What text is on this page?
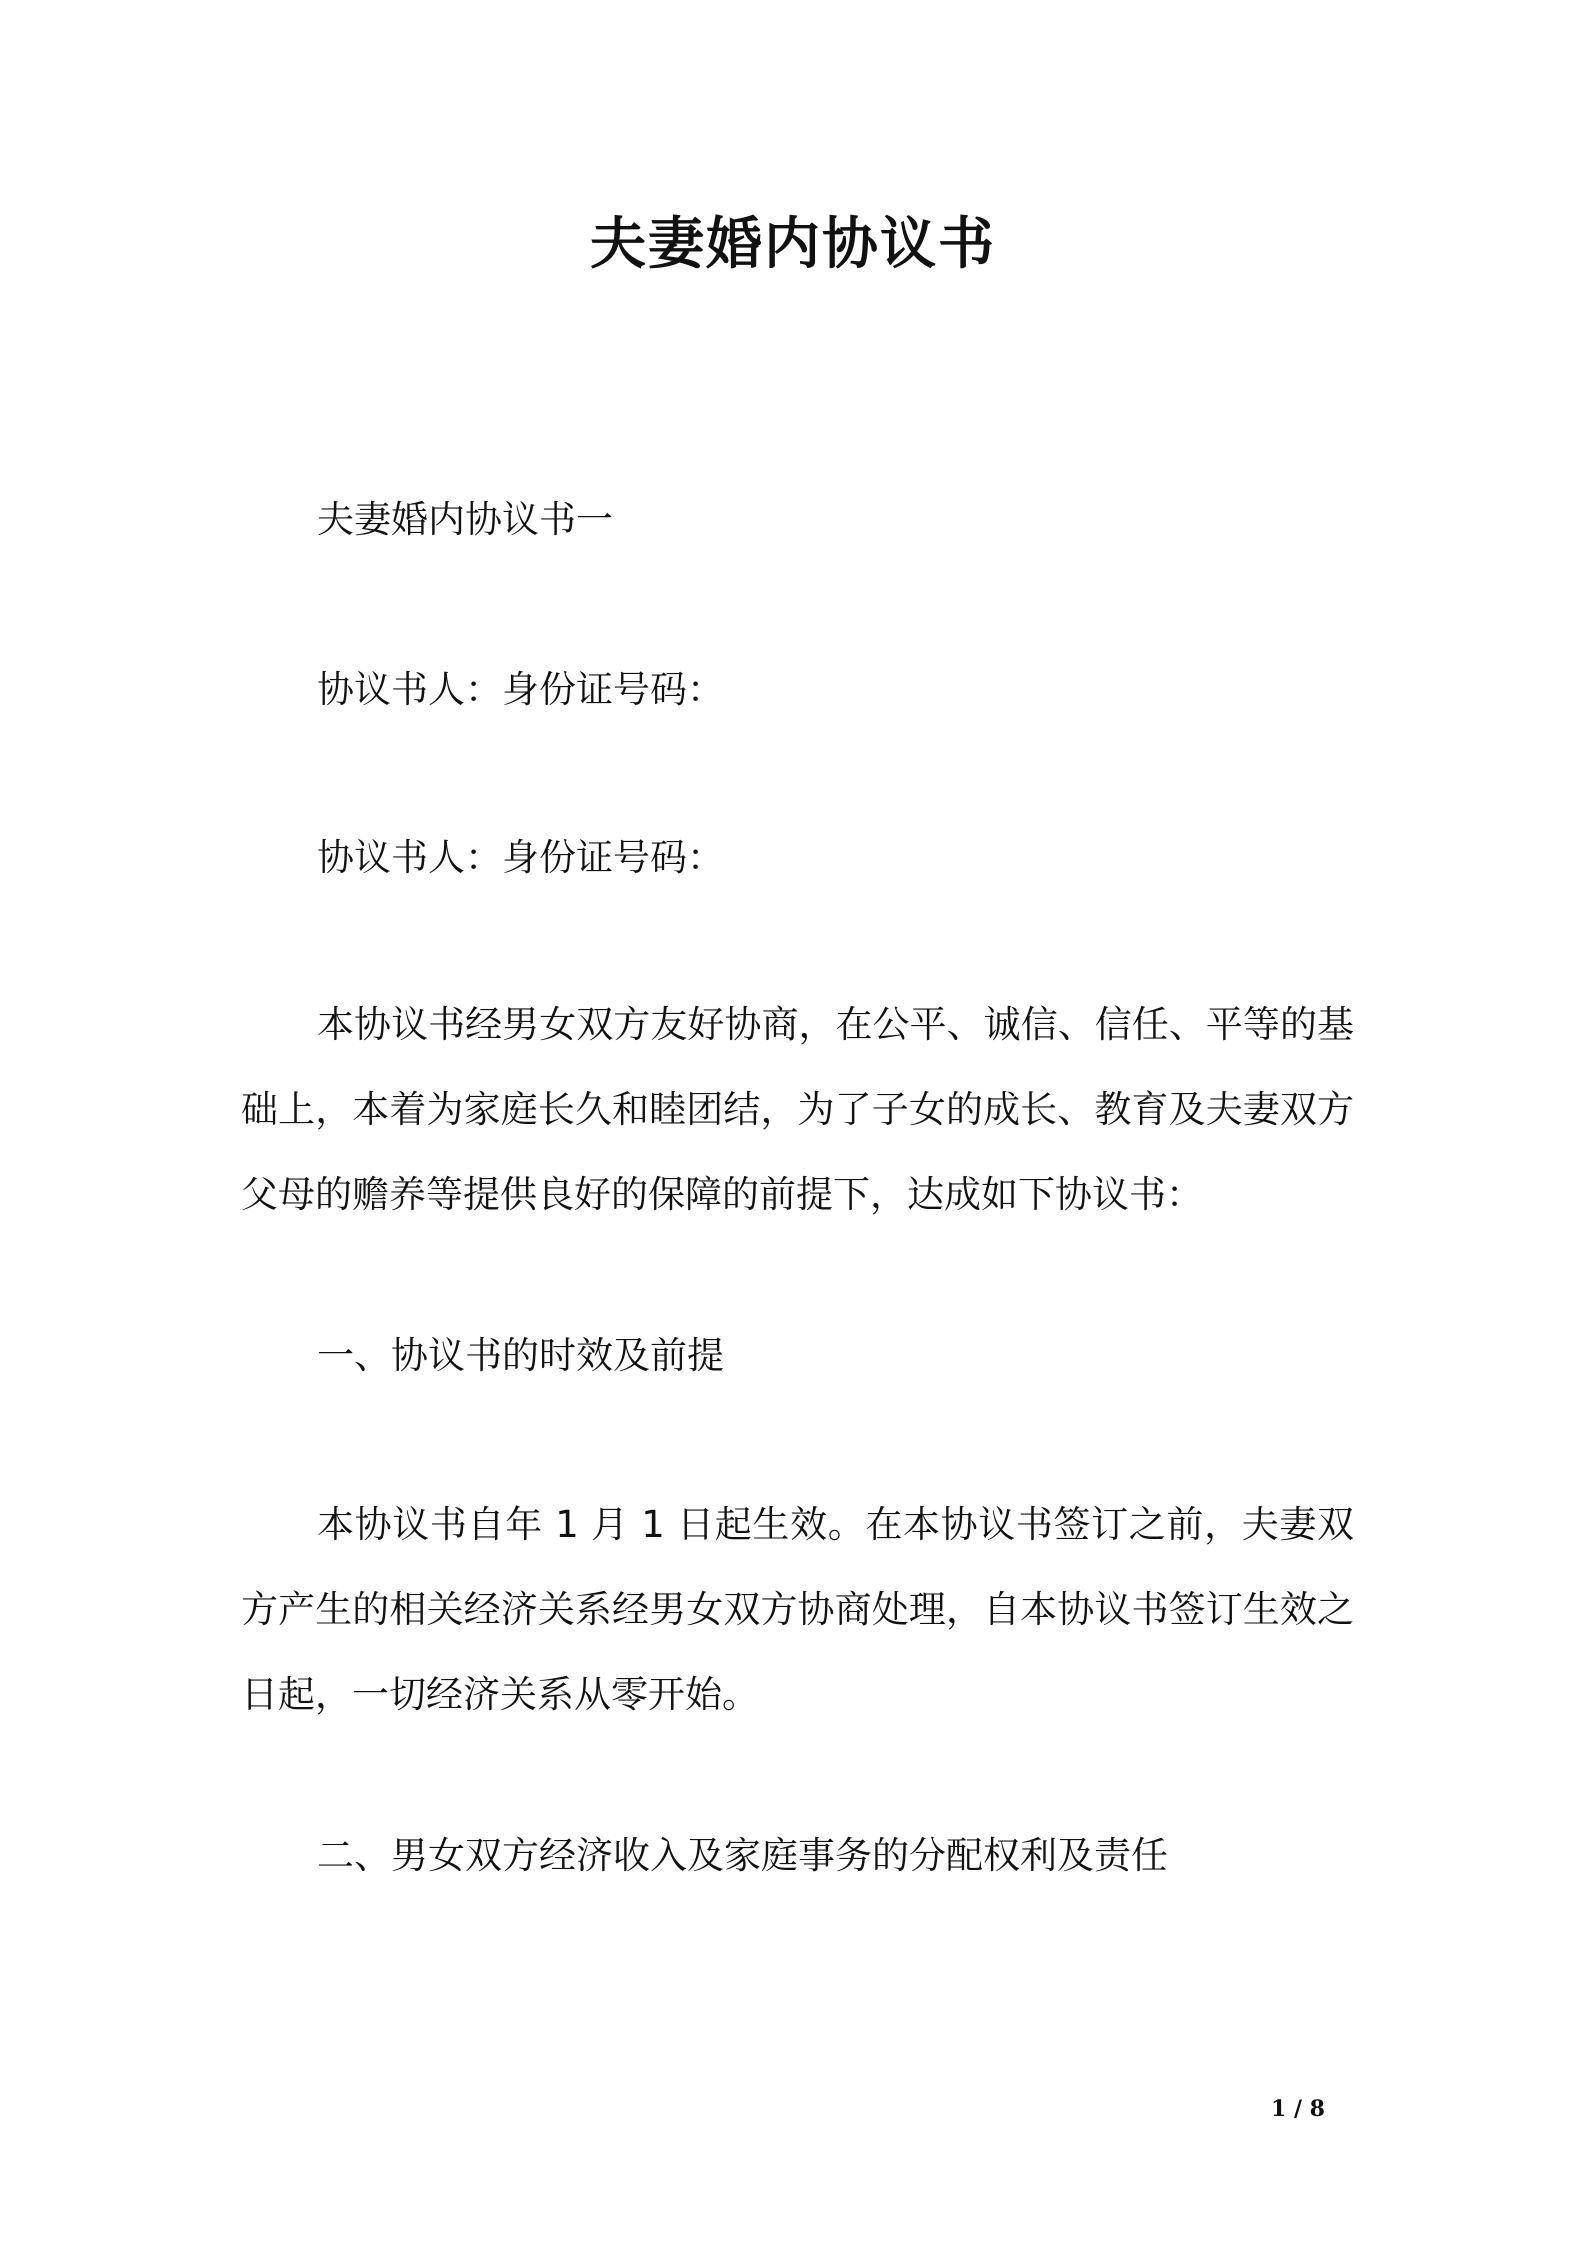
夫妻婚内协议书
夫妻婚内协议书一
协议书人：身份证号码：
协议书人：身份证号码：
本协议书经男女双方友好协商，在公平、诚信、信任、平等的基础上，本着为家庭长久和睦团结，为了子女的成长、教育及夫妻双方父母的赡养等提供良好的保障的前提下，达成如下协议书：
一、协议书的时效及前提
本协议书自年 1 月 1 日起生效。在本协议书签订之前，夫妻双方产生的相关经济关系经男女双方协商处理，自本协议书签订生效之日起，一切经济关系从零开始。
二、男女双方经济收入及家庭事务的分配权利及责任
1 / 8
